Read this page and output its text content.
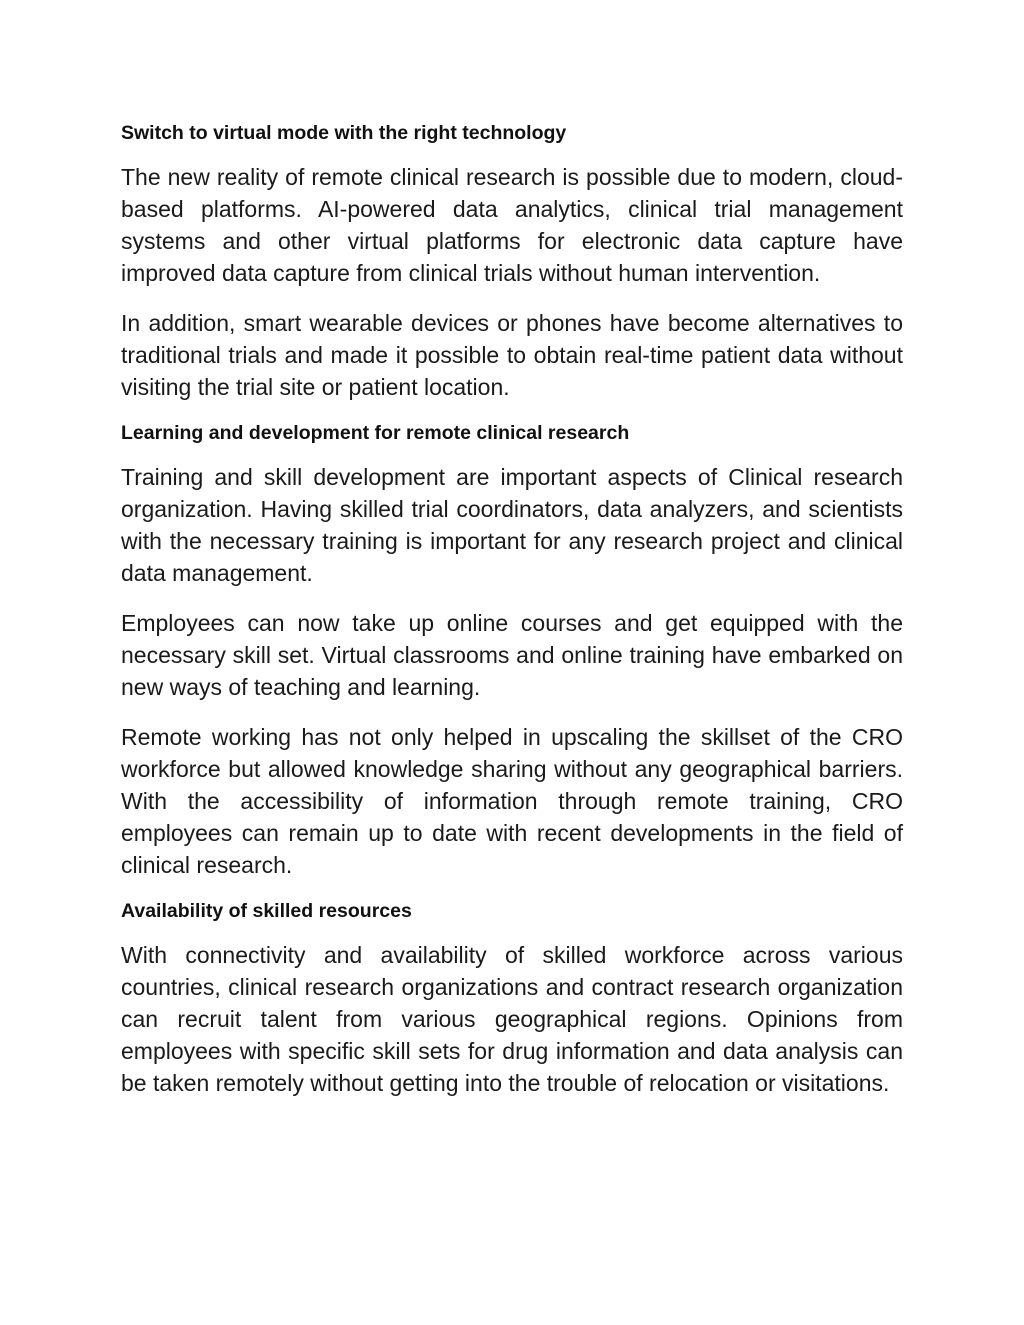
Switch to virtual mode with the right technology

The new reality of remote clinical research is possible due to modern, cloud-based platforms. AI-powered data analytics, clinical trial management systems and other virtual platforms for electronic data capture have improved data capture from clinical trials without human intervention.

In addition, smart wearable devices or phones have become alternatives to traditional trials and made it possible to obtain real-time patient data without visiting the trial site or patient location.

Learning and development for remote clinical research

Training and skill development are important aspects of Clinical research organization. Having skilled trial coordinators, data analyzers, and scientists with the necessary training is important for any research project and clinical data management.

Employees can now take up online courses and get equipped with the necessary skill set. Virtual classrooms and online training have embarked on new ways of teaching and learning.

Remote working has not only helped in upscaling the skillset of the CRO workforce but allowed knowledge sharing without any geographical barriers. With the accessibility of information through remote training, CRO employees can remain up to date with recent developments in the field of clinical research.

Availability of skilled resources

With connectivity and availability of skilled workforce across various countries, clinical research organizations and contract research organization can recruit talent from various geographical regions. Opinions from employees with specific skill sets for drug information and data analysis can be taken remotely without getting into the trouble of relocation or visitations.
